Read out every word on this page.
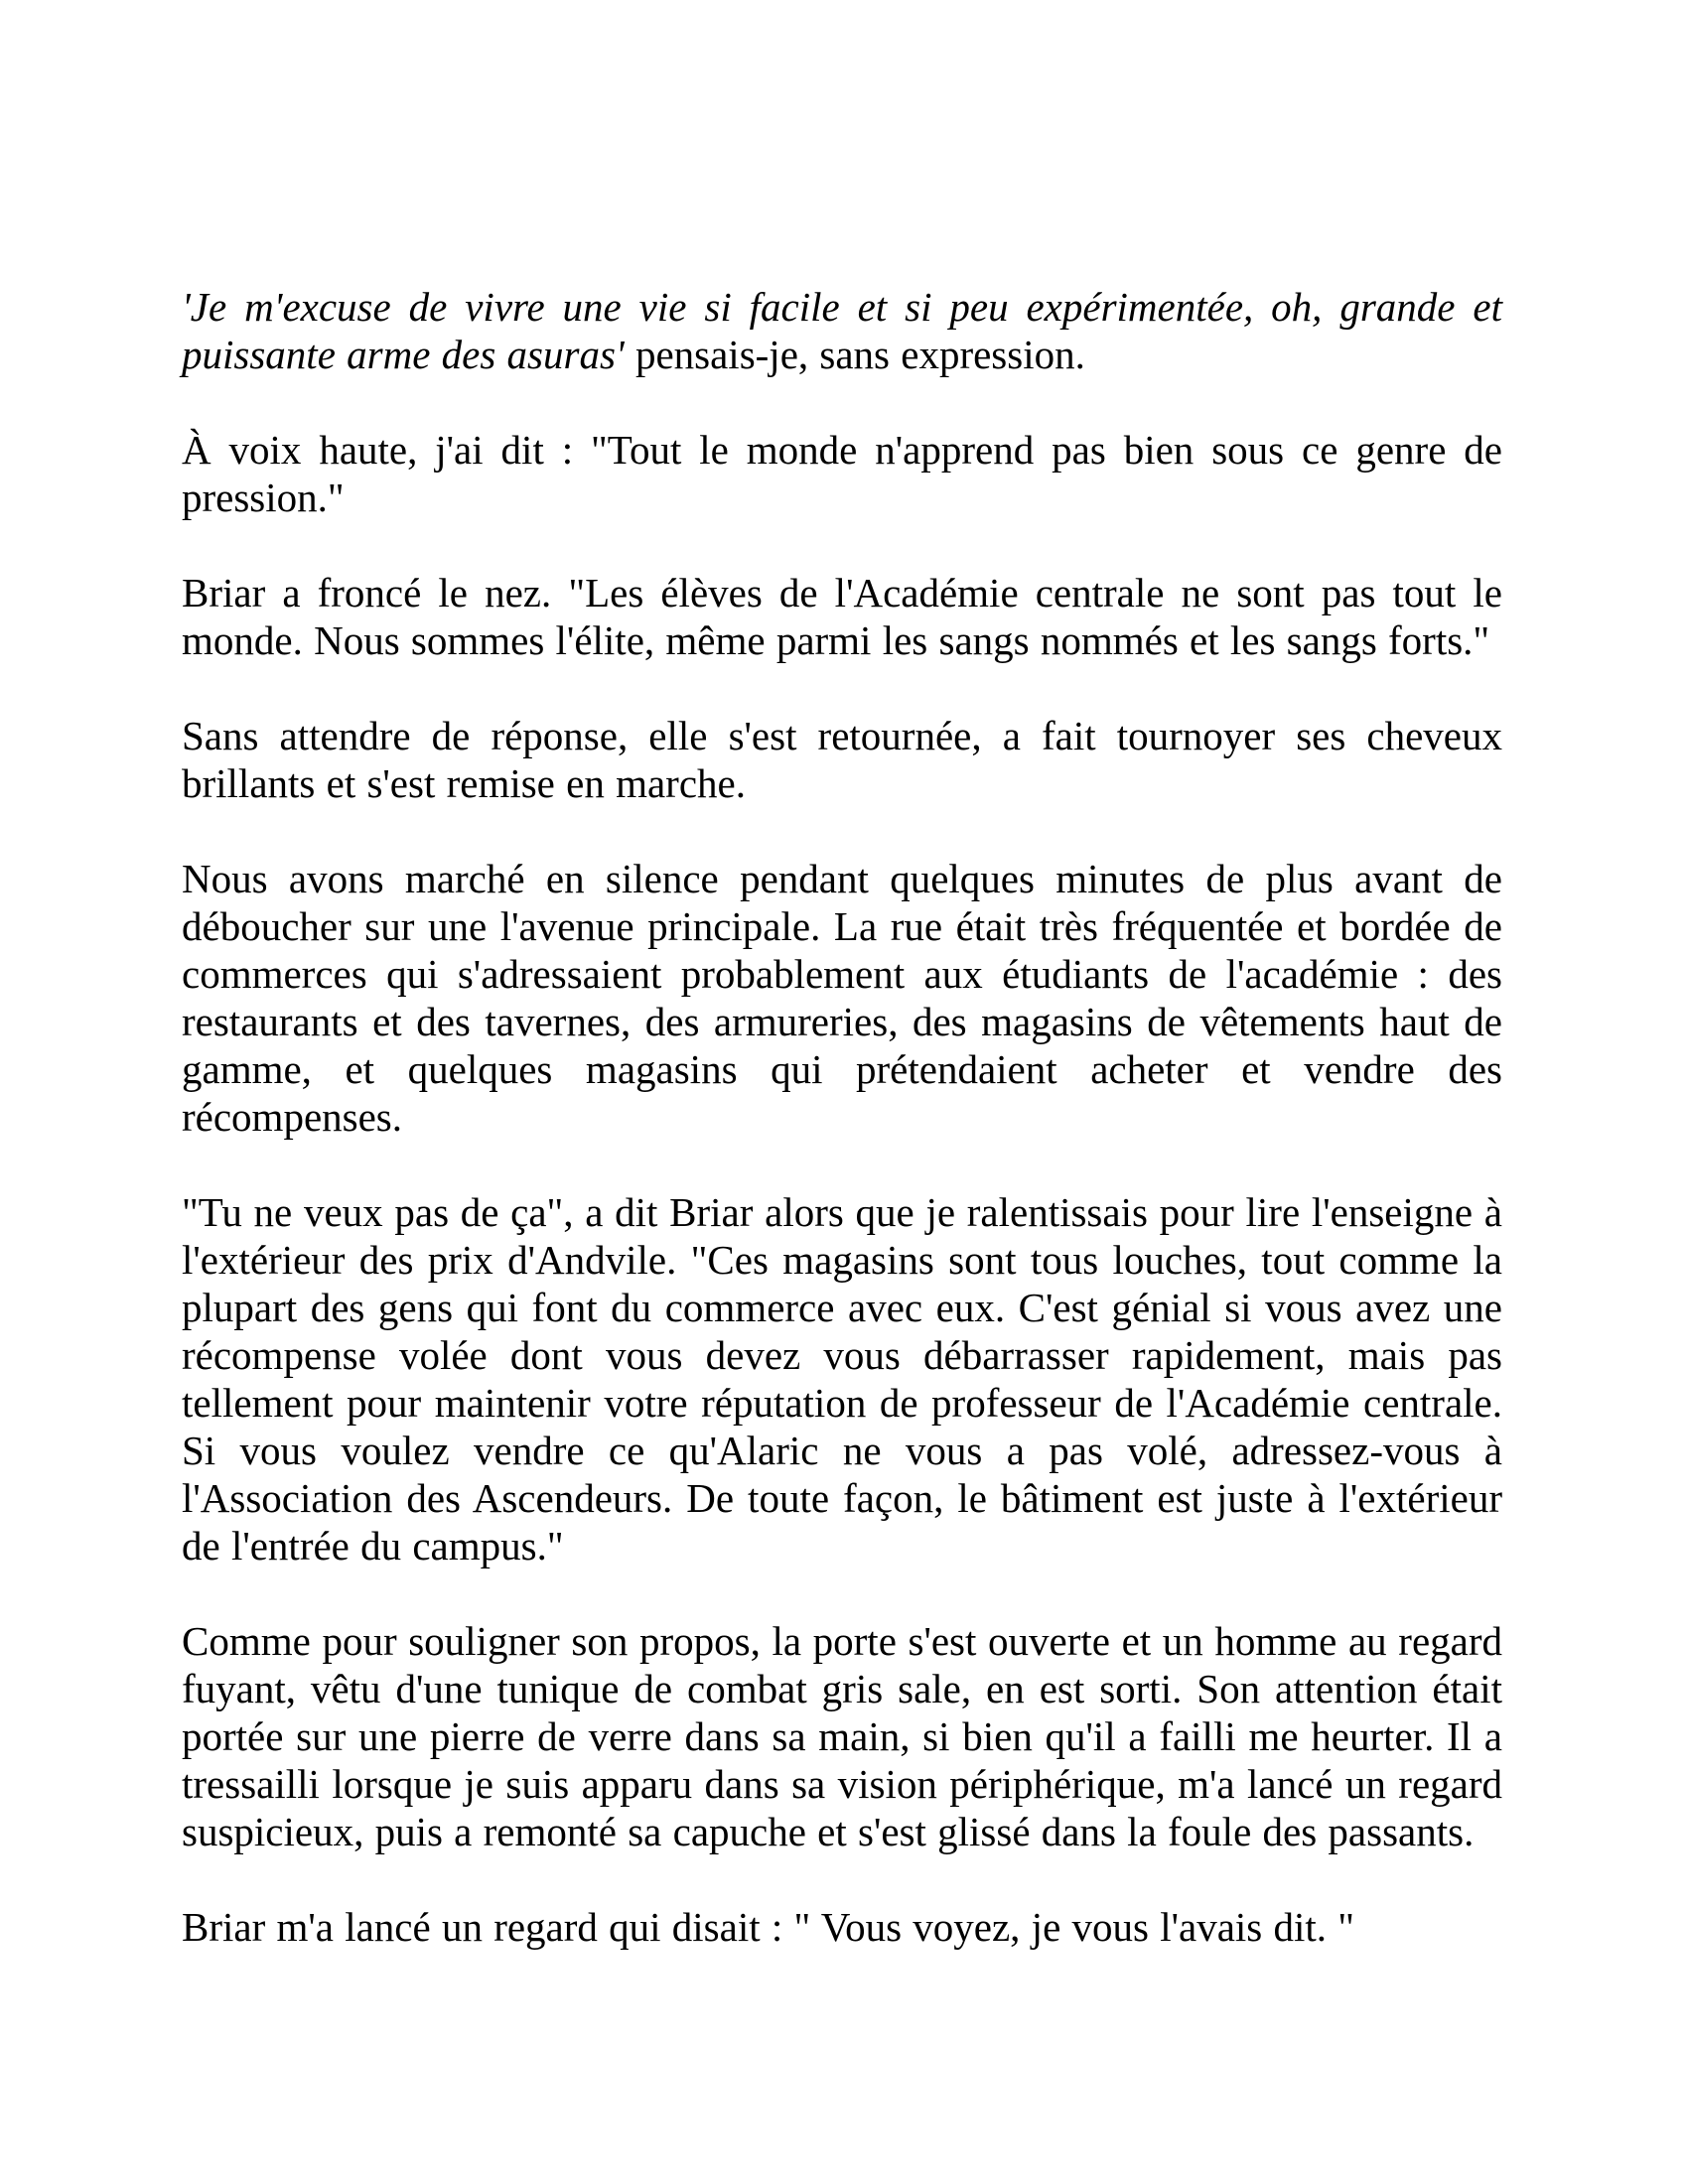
'Je m'excuse de vivre une vie si facile et si peu expérimentée, oh, grande et puissante arme des asuras' pensais-je, sans expression.

À voix haute, j'ai dit : "Tout le monde n'apprend pas bien sous ce genre de pression."

Briar a froncé le nez. "Les élèves de l'Académie centrale ne sont pas tout le monde. Nous sommes l'élite, même parmi les sangs nommés et les sangs forts."

Sans attendre de réponse, elle s'est retournée, a fait tournoyer ses cheveux brillants et s'est remise en marche.

Nous avons marché en silence pendant quelques minutes de plus avant de déboucher sur une l'avenue principale. La rue était très fréquentée et bordée de commerces qui s'adressaient probablement aux étudiants de l'académie : des restaurants et des tavernes, des armureries, des magasins de vêtements haut de gamme, et quelques magasins qui prétendaient acheter et vendre des récompenses.

"Tu ne veux pas de ça", a dit Briar alors que je ralentissais pour lire l'enseigne à l'extérieur des prix d'Andvile. "Ces magasins sont tous louches, tout comme la plupart des gens qui font du commerce avec eux. C'est génial si vous avez une récompense volée dont vous devez vous débarrasser rapidement, mais pas tellement pour maintenir votre réputation de professeur de l'Académie centrale. Si vous voulez vendre ce qu'Alaric ne vous a pas volé, adressez-vous à l'Association des Ascendeurs. De toute façon, le bâtiment est juste à l'extérieur de l'entrée du campus."

Comme pour souligner son propos, la porte s'est ouverte et un homme au regard fuyant, vêtu d'une tunique de combat gris sale, en est sorti. Son attention était portée sur une pierre de verre dans sa main, si bien qu'il a failli me heurter. Il a tressailli lorsque je suis apparu dans sa vision périphérique, m'a lancé un regard suspicieux, puis a remonté sa capuche et s'est glissé dans la foule des passants.

Briar m'a lancé un regard qui disait : " Vous voyez, je vous l'avais dit. "
